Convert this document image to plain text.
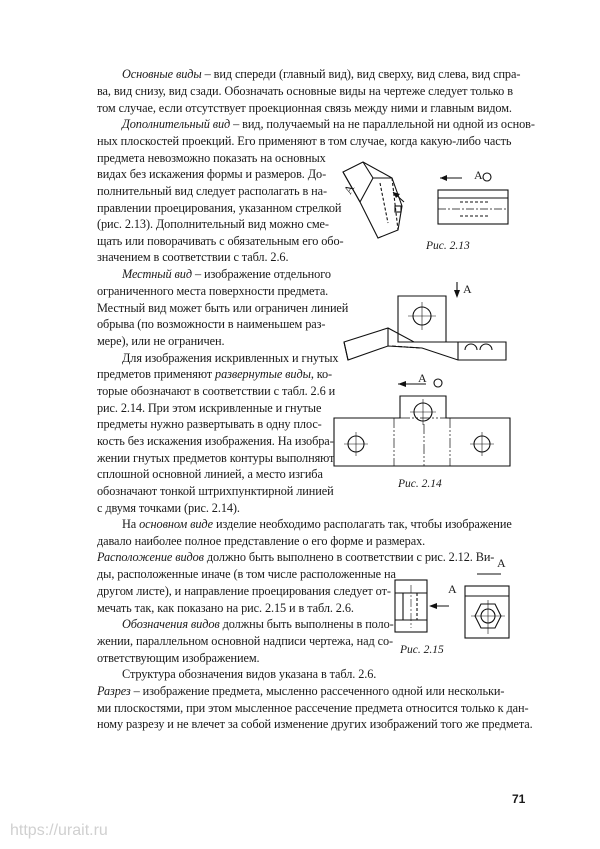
Основные виды – вид спереди (главный вид), вид сверху, вид слева, вид спра-
ва, вид снизу, вид сзади. Обозначать основные виды на чертеже следует только в
том случае, если отсутствует проекционная связь между ними и главным видом.
Дополнительный вид – вид, получаемый на не параллельной ни одной из основ-
ных плоскостей проекций. Его применяют в том случае, когда какую-либо часть
предмета невозможно показать на основных
видах без искажения формы и размеров. До-
полнительный вид следует располагать в на-
правлении проецирования, указанном стрелкой
(рис. 2.13). Дополнительный вид можно сме-
щать или поворачивать с обязательным его обо-
значением в соответствии с табл. 2.6.
Местный вид – изображение отдельного
ограниченного места поверхности предмета.
Местный вид может быть или ограничен линией
обрыва (по возможности в наименьшем раз-
мере), или не ограничен.
Для изображения искривленных и гнутых
предметов применяют развернутые виды, ко-
торые обозначают в соответствии с табл. 2.6 и
рис. 2.14. При этом искривленные и гнутые
предметы нужно развертывать в одну плос-
кость без искажения изображения. На изобра-
жении гнутых предметов контуры выполняют
сплошной основной линией, а место изгиба
обозначают тонкой штрихпунктирной линией
с двумя точками (рис. 2.14).
На основном виде изделие необходимо располагать так, чтобы изображение
давало наиболее полное представление о его форме и размерах.
Расположение видов должно быть выполнено в соответствии с рис. 2.12. Ви-
ды, расположенные иначе (в том числе расположенные на
другом листе), и направление проецирования следует от-
мечать так, как показано на рис. 2.15 и в табл. 2.6.
Обозначения видов должны быть выполнены в поло-
жении, параллельном основной надписи чертежа, над со-
ответствующим изображением.
Структура обозначения видов указана в табл. 2.6.
Разрез – изображение предмета, мысленно рассеченного одной или нескольки-
ми плоскостями, при этом мысленное рассечение предмета относится только к дан-
ному разрезу и не влечет за собой изменение других изображений того же предмета.
A
A
Рис. 2.13
A
A
Рис. 2.14
A
A
Рис. 2.15
71
https://urait.ru
